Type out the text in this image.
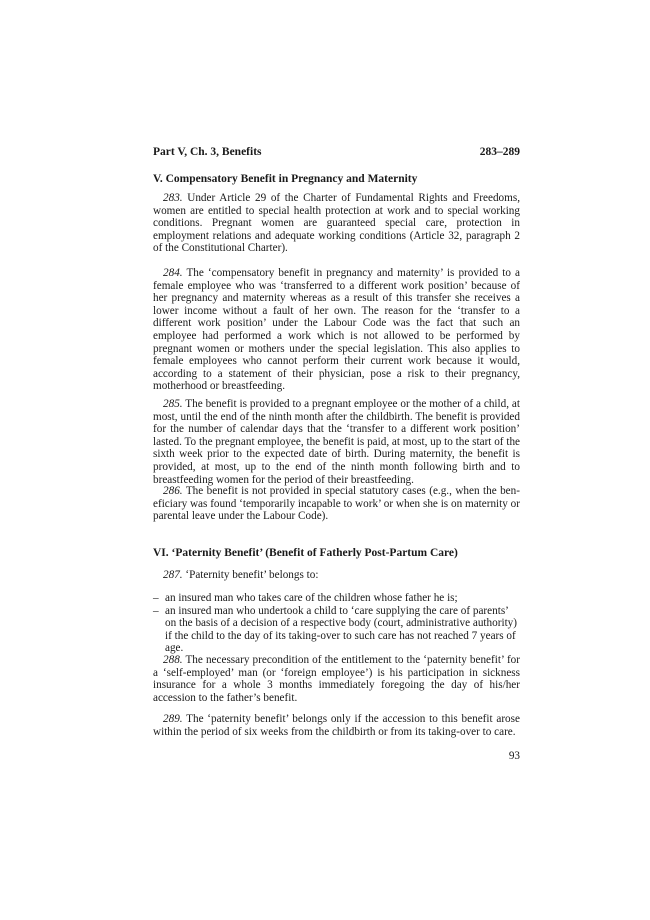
Part V, Ch. 3, Benefits	283–289
V. Compensatory Benefit in Pregnancy and Maternity

283. Under Article 29 of the Charter of Fundamental Rights and Freedoms, women are entitled to special health protection at work and to special working conditions. Pregnant women are guaranteed special care, protection in employment relations and adequate working conditions (Article 32, paragraph 2 of the Constitutional Charter).

284. The ‘compensatory benefit in pregnancy and maternity’ is provided to a female employee who was ‘transferred to a different work position’ because of her pregnancy and maternity whereas as a result of this transfer she receives a lower income without a fault of her own. The reason for the ‘transfer to a different work position’ under the Labour Code was the fact that such an employee had performed a work which is not allowed to be performed by pregnant women or mothers under the special legislation. This also applies to female employees who cannot perform their current work because it would, according to a statement of their physician, pose a risk to their pregnancy, motherhood or breastfeeding.

285. The benefit is provided to a pregnant employee or the mother of a child, at most, until the end of the ninth month after the childbirth. The benefit is provided for the number of calendar days that the ‘transfer to a different work position’ lasted. To the pregnant employee, the benefit is paid, at most, up to the start of the sixth week prior to the expected date of birth. During maternity, the benefit is provided, at most, up to the end of the ninth month following birth and to breastfeeding women for the period of their breastfeeding.

286. The benefit is not provided in special statutory cases (e.g., when the beneficiary was found ‘temporarily incapable to work’ or when she is on maternity or parental leave under the Labour Code).

VI. ‘Paternity Benefit’ (Benefit of Fatherly Post-Partum Care)

287. ‘Paternity benefit’ belongs to:

– an insured man who takes care of the children whose father he is;
– an insured man who undertook a child to ‘care supplying the care of parents’ on the basis of a decision of a respective body (court, administrative authority) if the child to the day of its taking-over to such care has not reached 7 years of age.

288. The necessary precondition of the entitlement to the ‘paternity benefit’ for a ‘self-employed’ man (or ‘foreign employee’) is his participation in sickness insurance for a whole 3 months immediately foregoing the day of his/her accession to the father’s benefit.

289. The ‘paternity benefit’ belongs only if the accession to this benefit arose within the period of six weeks from the childbirth or from its taking-over to care.

93
